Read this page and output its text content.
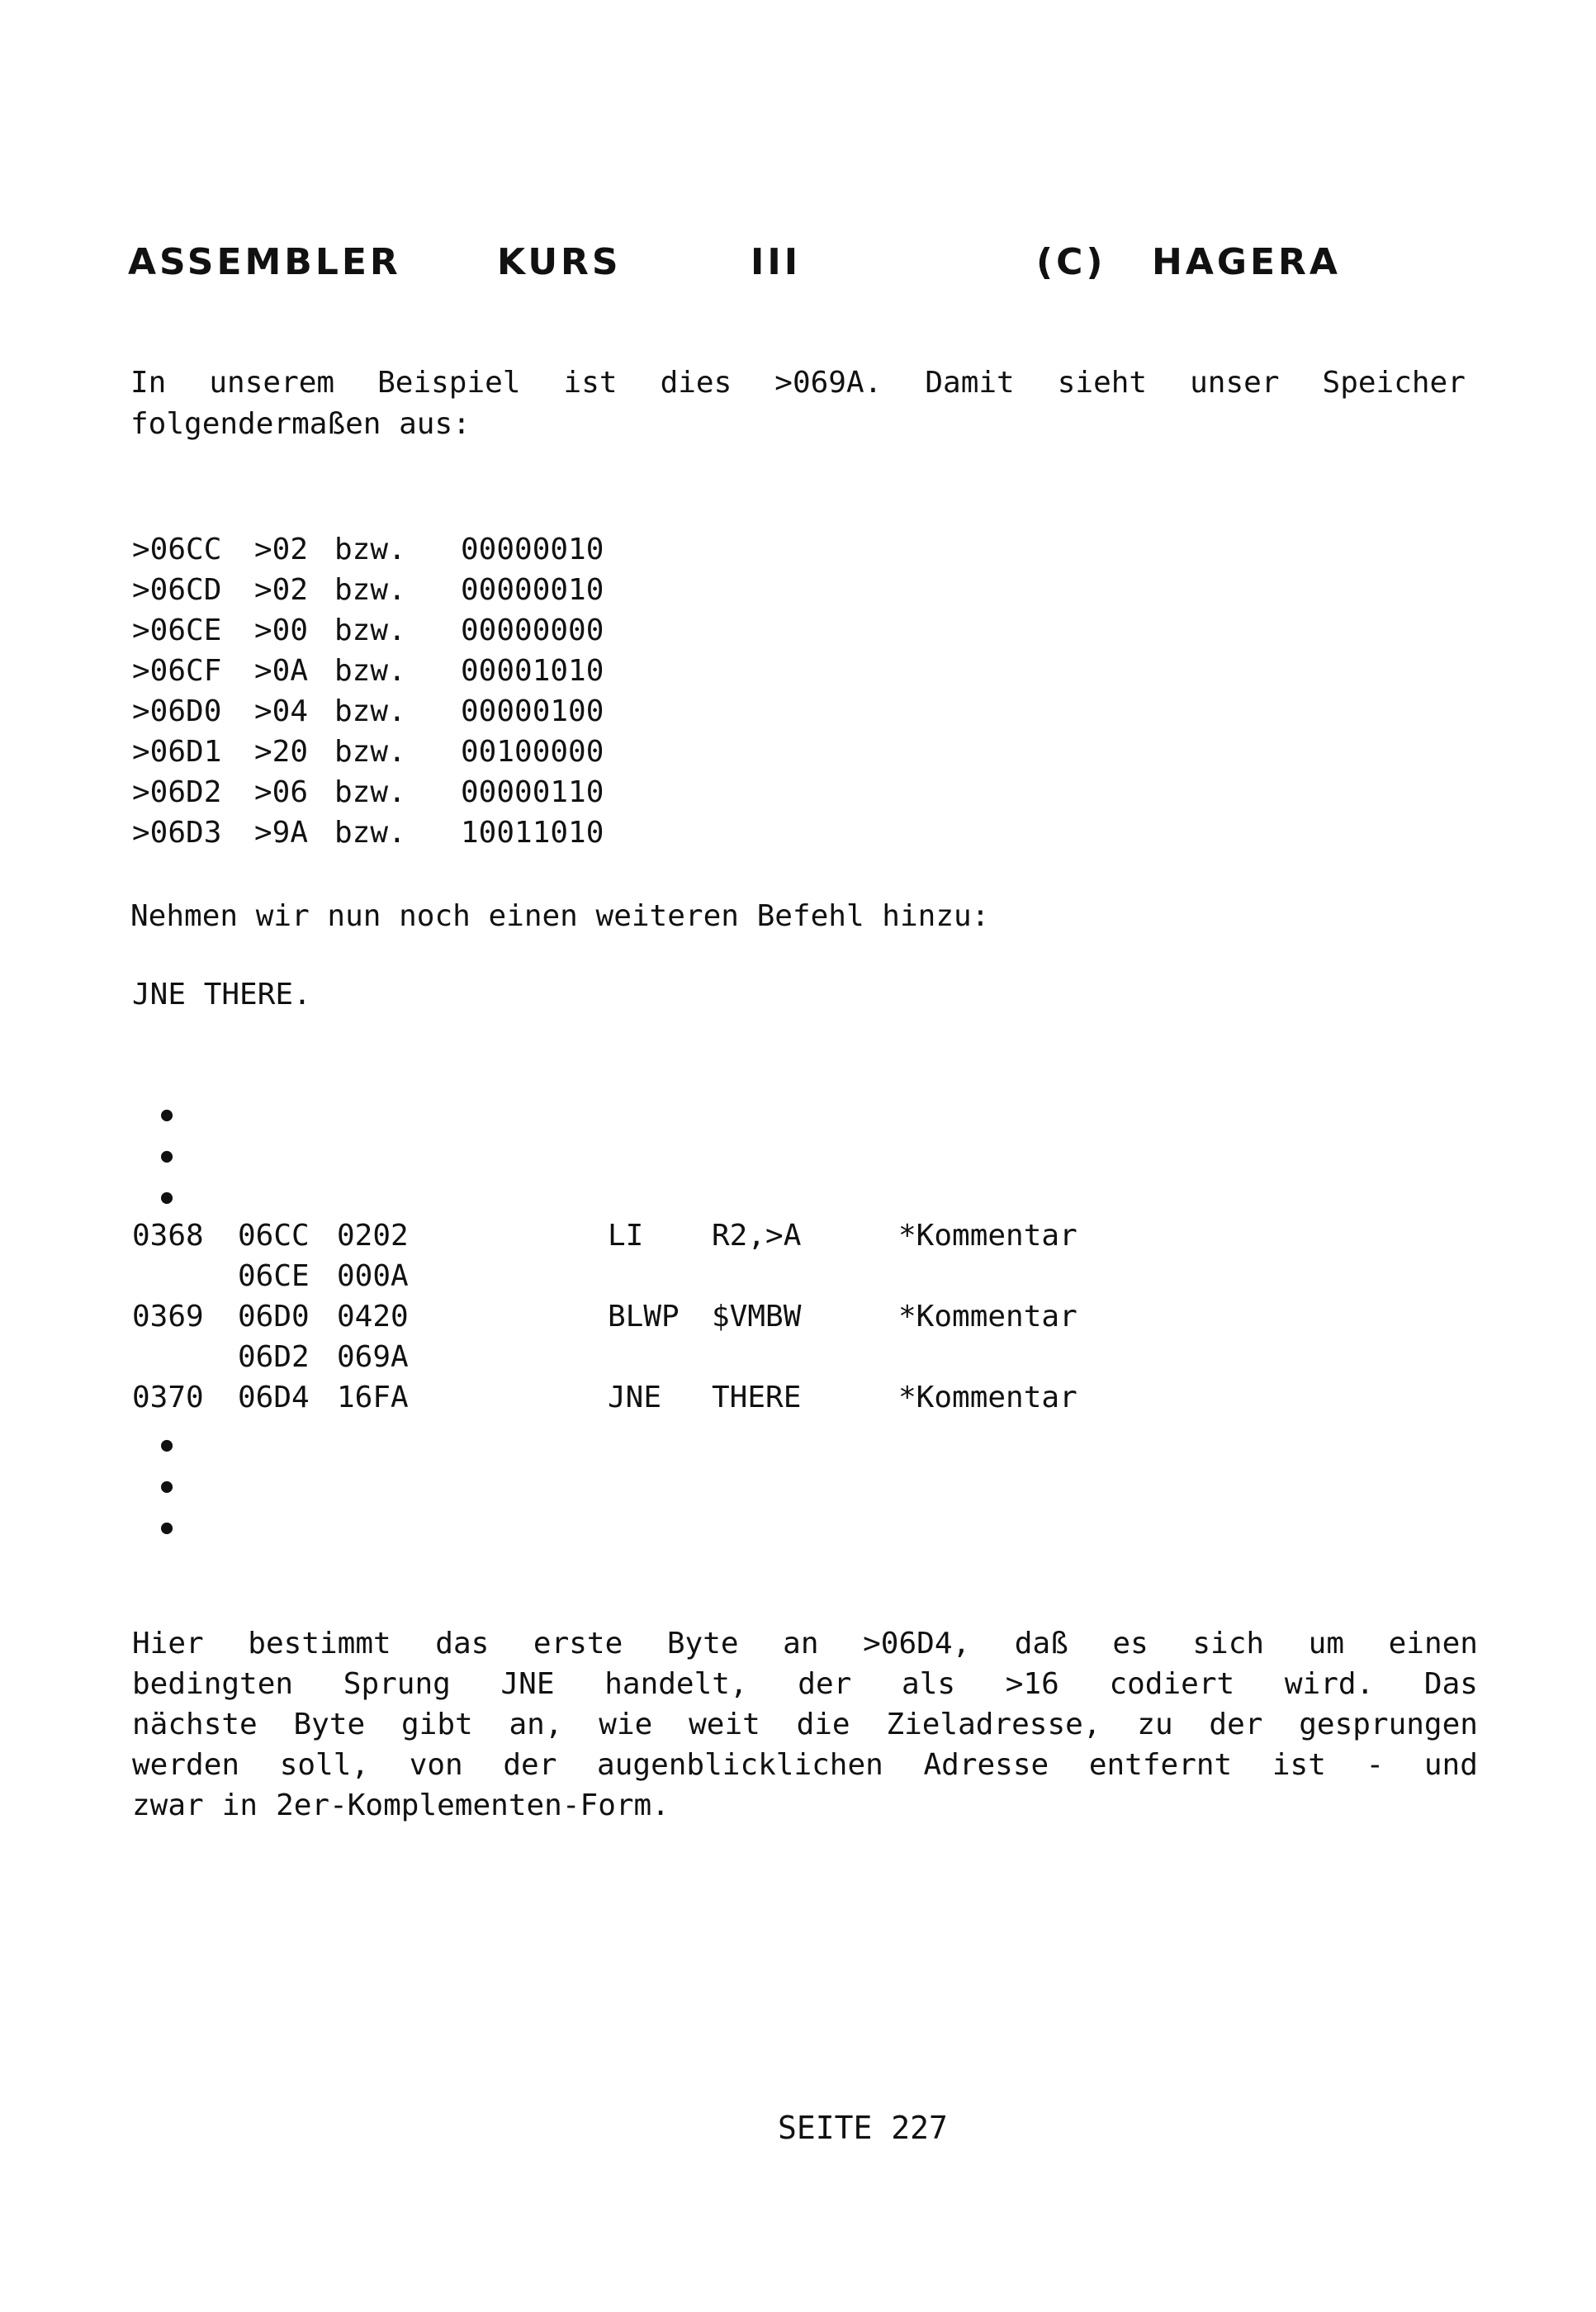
ASSEMBLER	KURS	III	(C) HAGERA
In unserem Beispiel ist dies >069A. Damit sieht unser Speicher
folgendermaßen aus:
>06CC >02 bzw. 00000010
>06CD >02 bzw. 00000010
>06CE >00 bzw. 00000000
>06CF >0A bzw. 00001010
>06D0 >04 bzw. 00000100
>06D1 >20 bzw. 00100000
>06D2 >06 bzw. 00000110
>06D3 >9A bzw. 10011010
Nehmen wir nun noch einen weiteren Befehl hinzu:
JNE THERE.
•
•
•
0368 06CC 0202	LI R2,>A	*Kommentar
06CE 000A
0369 06D0 0420	BLWP $VMBW	*Kommentar
06D2 069A
0370 06D4 16FA	JNE THERE	*Kommentar
•
•
•
Hier bestimmt das erste Byte an >06D4, daß es sich um einen
bedingten Sprung JNE handelt, der als >16 codiert wird. Das
nächste Byte gibt an, wie weit die Zieladresse, zu der gesprungen
werden soll, von der augenblicklichen Adresse entfernt ist - und
zwar in 2er-Komplementen-Form.
SEITE 227
